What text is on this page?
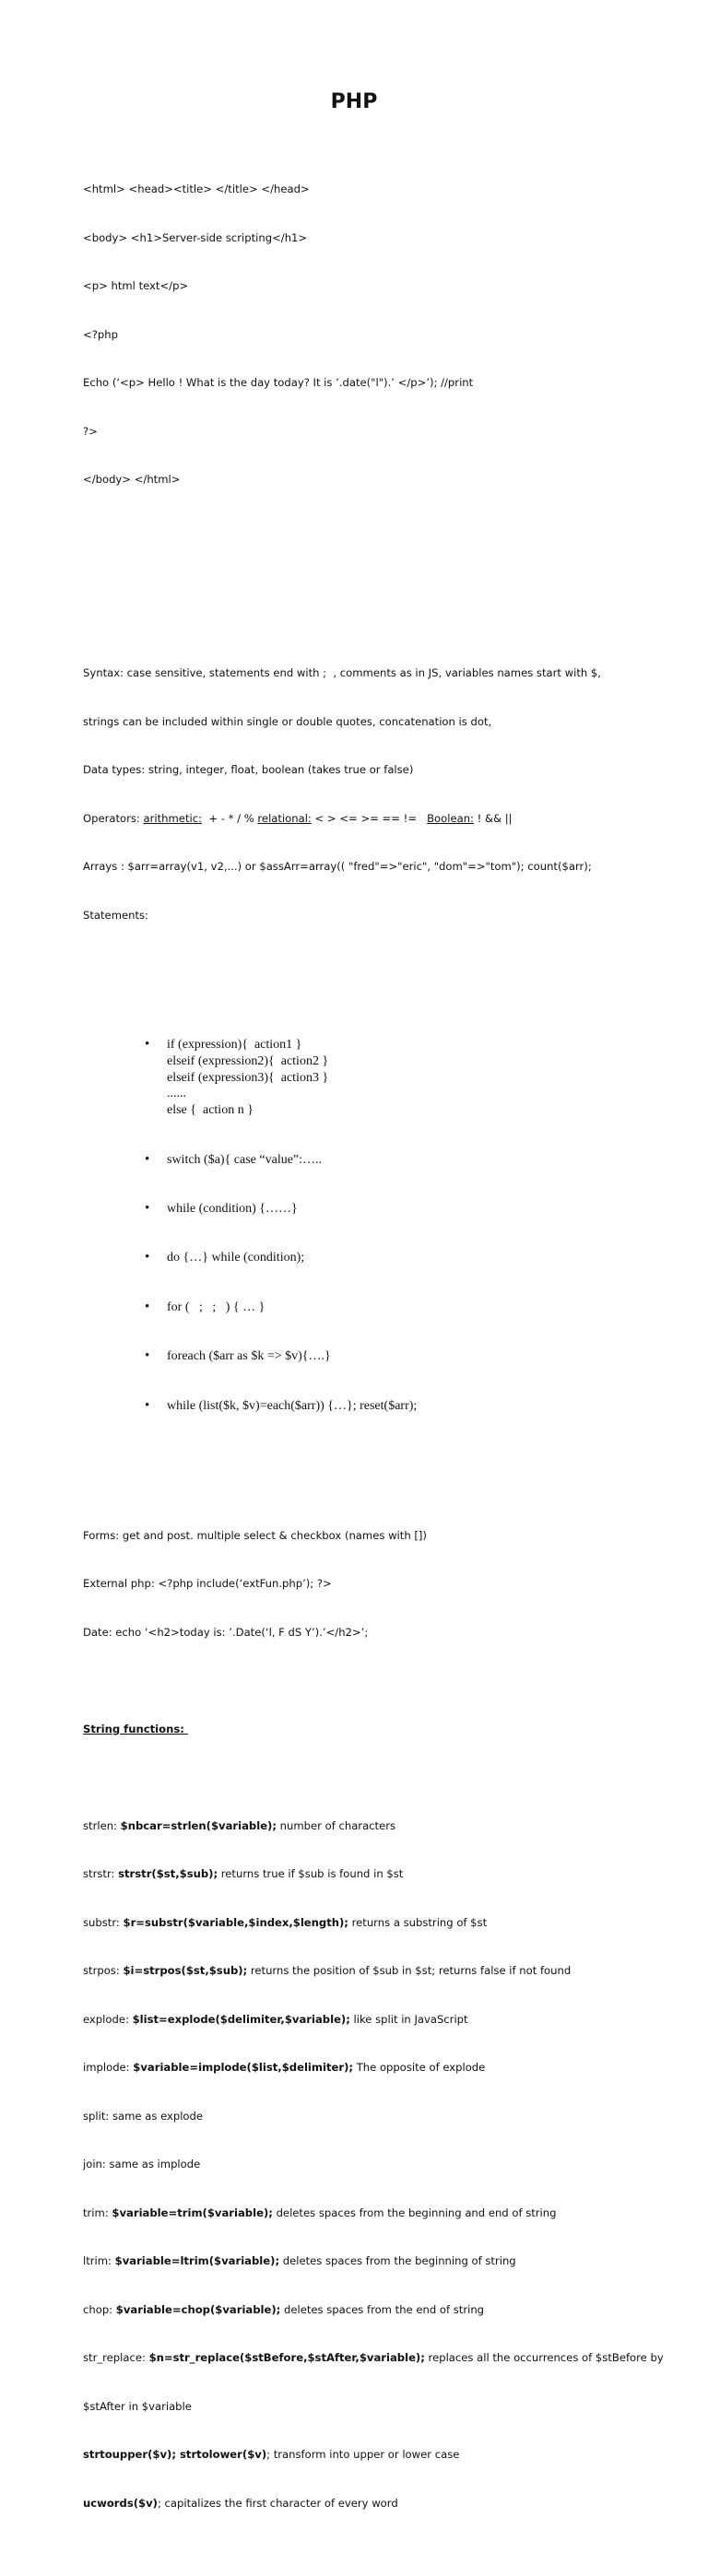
PHP

<html> <head><title> </title> </head>

<body> <h1>Server-side scripting</h1>

<p> html text</p>

<?php

Echo (‘<p> Hello ! What is the day today? It is ’.date("l").’ </p>’); //print

?>

</body> </html>

Syntax: case sensitive, statements end with ;  , comments as in JS, variables names start with $,

strings can be included within single or double quotes, concatenation is dot,

Data types: string, integer, float, boolean (takes true or false)

Operators: arithmetic:  + - * / % relational: < > <= >= == !=   Boolean: ! && ||

Arrays : $arr=array(v1, v2,...) or $assArr=array(( "fred"=>"eric", "dom"=>"tom"); count($arr);

Statements:

• if (expression){  action1 }
elseif (expression2){  action2 }
elseif (expression3){  action3 }
......
else {  action n }

• switch ($a){ case “value”:…..

• while (condition) {……}

• do {…} while (condition);

• for (   ;   ;   ) { … }

• foreach ($arr as $k => $v){….}

• while (list($k, $v)=each($arr)) {…}; reset($arr);

Forms: get and post. multiple select & checkbox (names with [])

External php: <?php include(‘extFun.php’); ?>

Date: echo ‘<h2>today is: ’.Date(‘l, F dS Y’).’</h2>’;

String functions:

strlen: $nbcar=strlen($variable); number of characters

strstr: strstr($st,$sub); returns true if $sub is found in $st

substr: $r=substr($variable,$index,$length); returns a substring of $st

strpos: $i=strpos($st,$sub); returns the position of $sub in $st; returns false if not found

explode: $list=explode($delimiter,$variable); like split in JavaScript

implode: $variable=implode($list,$delimiter); The opposite of explode

split: same as explode

join: same as implode

trim: $variable=trim($variable); deletes spaces from the beginning and end of string

ltrim: $variable=ltrim($variable); deletes spaces from the beginning of string

chop: $variable=chop($variable); deletes spaces from the end of string

str_replace: $n=str_replace($stBefore,$stAfter,$variable); replaces all the occurrences of $stBefore by

$stAfter in $variable

strtoupper($v); strtolower($v); transform into upper or lower case

ucwords($v); capitalizes the first character of every word
